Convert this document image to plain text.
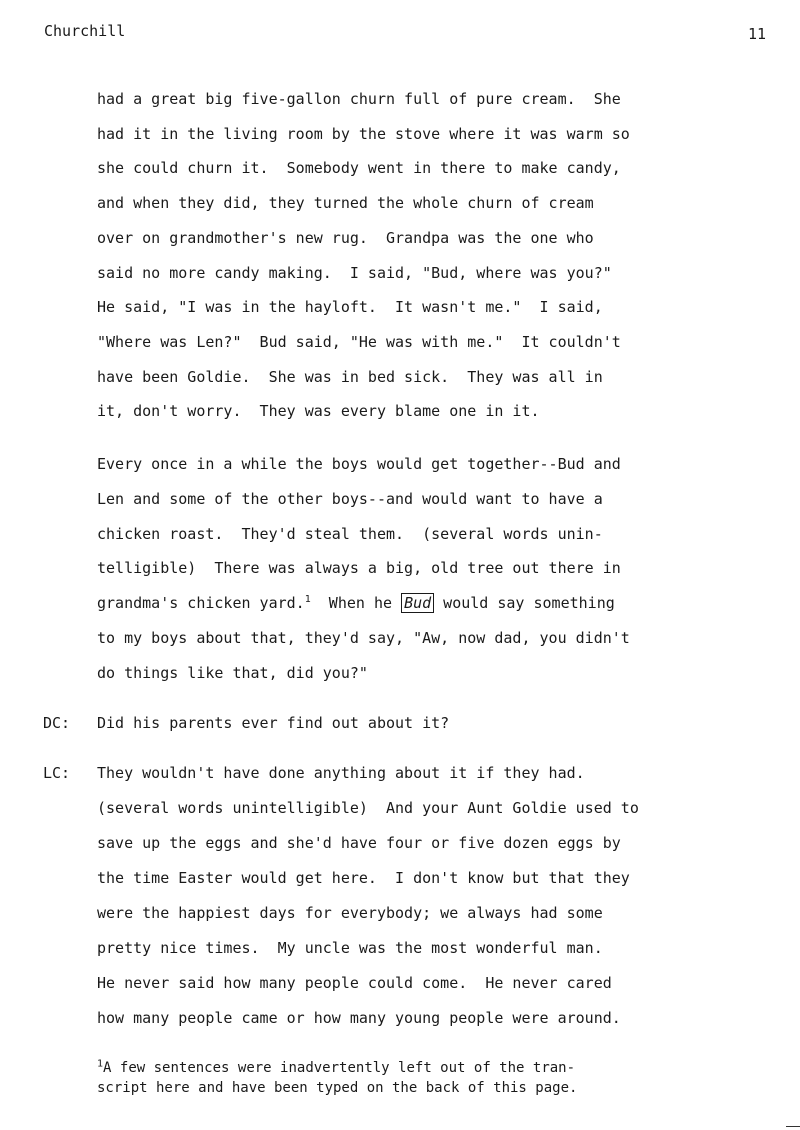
Churchill	11
had a great big five-gallon churn full of pure cream.  She
had it in the living room by the stove where it was warm so
she could churn it.  Somebody went in there to make candy,
and when they did, they turned the whole churn of cream
over on grandmother's new rug.  Grandpa was the one who
said no more candy making.  I said, "Bud, where was you?"
He said, "I was in the hayloft.  It wasn't me."  I said,
"Where was Len?"  Bud said, "He was with me."  It couldn't
have been Goldie.  She was in bed sick.  They was all in
it, don't worry.  They was every blame one in it.
Every once in a while the boys would get together--Bud and
Len and some of the other boys--and would want to have a
chicken roast.  They'd steal them.  (several words unin-
telligible)  There was always a big, old tree out there in
grandma's chicken yard.$^1$  When he Bud would say something
to my boys about that, they'd say, "Aw, now dad, you didn't
do things like that, did you?"
DC: Did his parents ever find out about it?
LC: They wouldn't have done anything about it if they had.
(several words unintelligible)  And your Aunt Goldie used to
save up the eggs and she'd have four or five dozen eggs by
the time Easter would get here.  I don't know but that they
were the happiest days for everybody; we always had some
pretty nice times.  My uncle was the most wonderful man.
He never said how many people could come.  He never cared
how many people came or how many young people were around.
$^1$A few sentences were inadvertently left out of the tran-
script here and have been typed on the back of this page.
